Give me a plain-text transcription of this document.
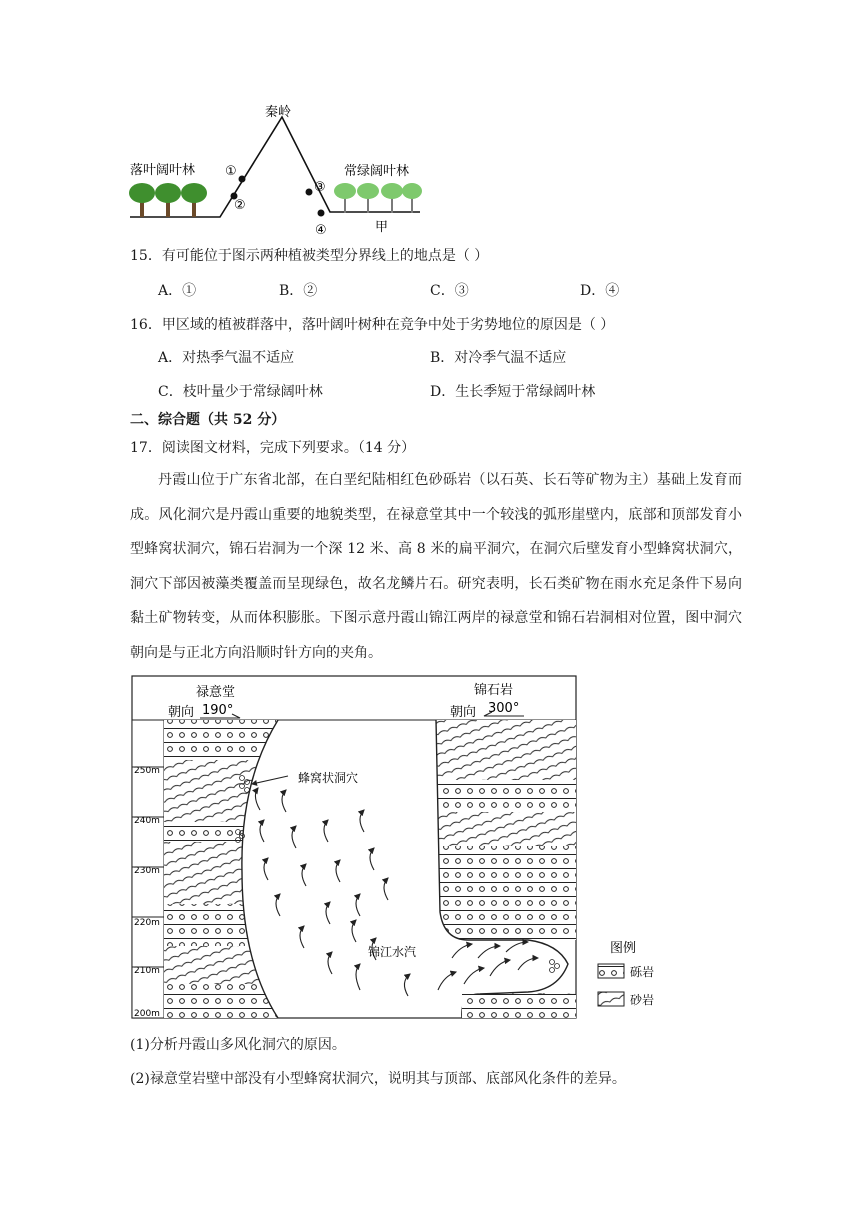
秦岭
落叶阔叶林	常绿阔叶林
①
②
③
④	甲
15．有可能位于图示两种植被类型分界线上的地点是（ ）
A．①	B．②	C．③	D．④
16．甲区域的植被群落中，落叶阔叶树种在竞争中处于劣势地位的原因是（ ）
A．对热季气温不适应	B．对冷季气温不适应
C．枝叶量少于常绿阔叶林	D．生长季短于常绿阔叶林
二、综合题（共 52 分）
17．阅读图文材料，完成下列要求。（14 分）
丹霞山位于广东省北部，在白垩纪陆相红色砂砾岩（以石英、长石等矿物为主）基础上发育而成。风化洞穴是丹霞山重要的地貌类型，在禄意堂其中一个较浅的弧形崖壁内，底部和顶部发育小型蜂窝状洞穴，锦石岩洞为一个深 12 米、高 8 米的扁平洞穴，在洞穴后壁发育小型蜂窝状洞穴，洞穴下部因被藻类覆盖而呈现绿色，故名龙鳞片石。研究表明，长石类矿物在雨水充足条件下易向黏土矿物转变，从而体积膨胀。下图示意丹霞山锦江两岸的禄意堂和锦石岩洞相对位置，图中洞穴朝向是与正北方向沿顺时针方向的夹角。
禄意堂
朝向 190°
锦石岩
朝向 300°
250m
240m
230m
220m
210m
200m
蜂窝状洞穴
锦江水汽	图例
砾岩
砂岩
(1)分析丹霞山多风化洞穴的原因。
(2)禄意堂岩壁中部没有小型蜂窝状洞穴，说明其与顶部、底部风化条件的差异。
